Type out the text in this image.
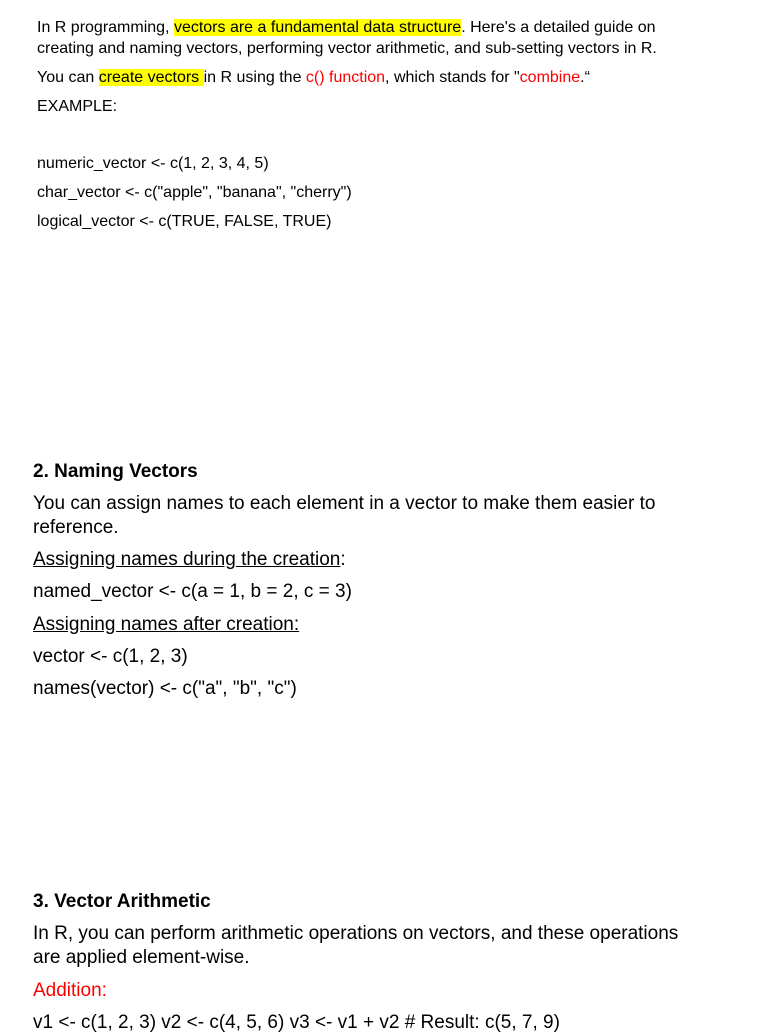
In R programming, vectors are a fundamental data structure. Here's a detailed guide on

creating and naming vectors, performing vector arithmetic, and sub-setting vectors in R.

You can create vectors in R using the c() function, which stands for "combine.“

EXAMPLE:

numeric_vector <- c(1, 2, 3, 4, 5)

char_vector <- c("apple", "banana", "cherry")

logical_vector <- c(TRUE, FALSE, TRUE)

2. Naming Vectors

You can assign names to each element in a vector to make them easier to

reference.

Assigning names during the creation:

named_vector <- c(a = 1, b = 2, c = 3)

Assigning names after creation:

vector <- c(1, 2, 3)

names(vector) <- c("a", "b", "c")

3. Vector Arithmetic

In R, you can perform arithmetic operations on vectors, and these operations

are applied element-wise.

Addition:

v1 <- c(1, 2, 3) v2 <- c(4, 5, 6) v3 <- v1 + v2 # Result: c(5, 7, 9)
